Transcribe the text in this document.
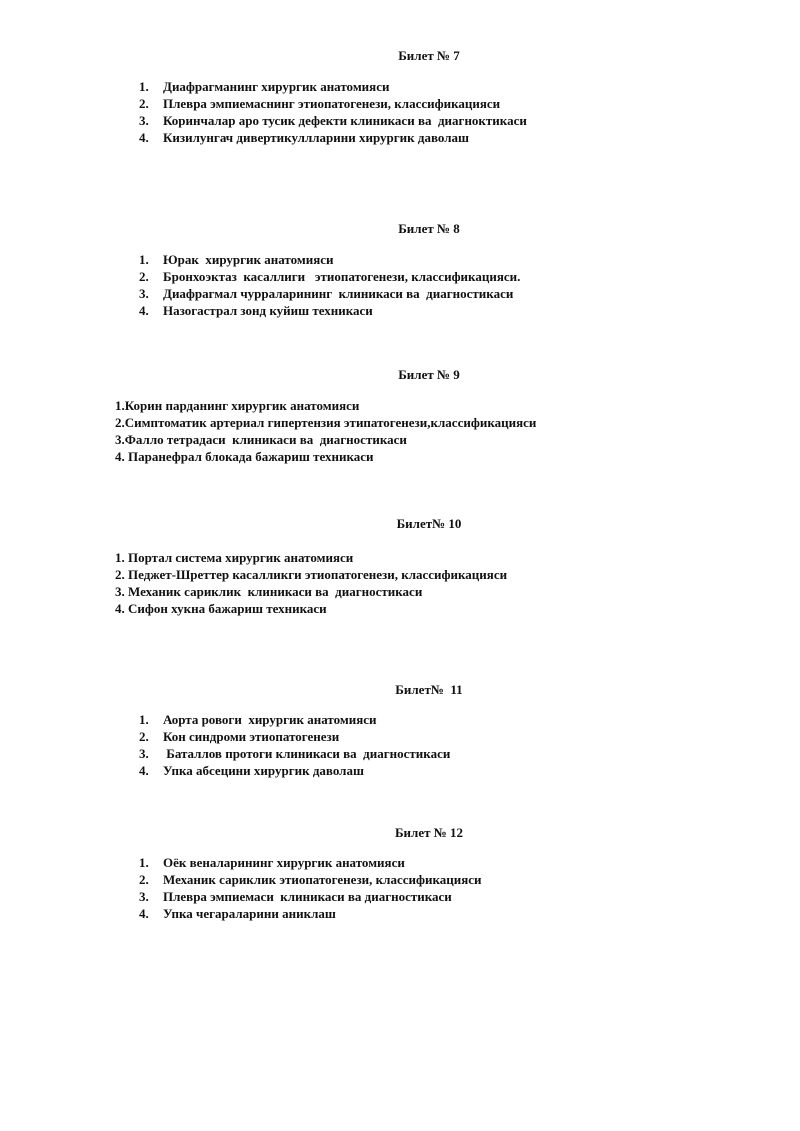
Билет № 7

1.

Диафрагманинг хирургик анатомияси

2.

Плевра эмпиемаснинг этиопатогенези, классификацияси

3.

Коринчалар аро тусик дефекти клиникаси ва  диагноктикаси

4.

Кизилунгач дивертикуллларини хирургик даволаш

Билет № 8

1.

Юрак  хирургик анатомияси

2.

Бронхоэктаз  касаллиги   этиопатогенези, классификацияси.

3.

Диафрагмал чурраларининг  клиникаси ва  диагностикаси

4.

Назогастрал зонд куйиш техникаси

Билет № 9
1.Корин парданинг хирургик анатомияси
2.Симптоматик артериал гипертензия этипатогенези,классификацияси
3.Фалло тетрадаси  клиникаси ва  диагностикаси
4. Паранефрал блокада бажариш техникаси
Билет№ 10
1. Портал система хирургик анатомияси
2. Педжет-Шреттер касалликги этиопатогенези, классификацияси
3. Механик сариклик  клиникаси ва  диагностикаси
4. Сифон хукна бажариш техникаси
Билет№  11

1.

Аорта ровоги  хирургик анатомияси

2.

Кон синдроми этиопатогенези

3.

Баталлов протоги клиникаси ва  диагностикаси

4.

Упка абсецини хирургик даволаш

Билет № 12

1.

Оёк веналарининг хирургик анатомияси

2.

Механик сариклик этиопатогенези, классификацияси

3.

Плевра эмпиемаси  клиникаси ва диагностикаси

4.

Упка чегараларини аниклаш
